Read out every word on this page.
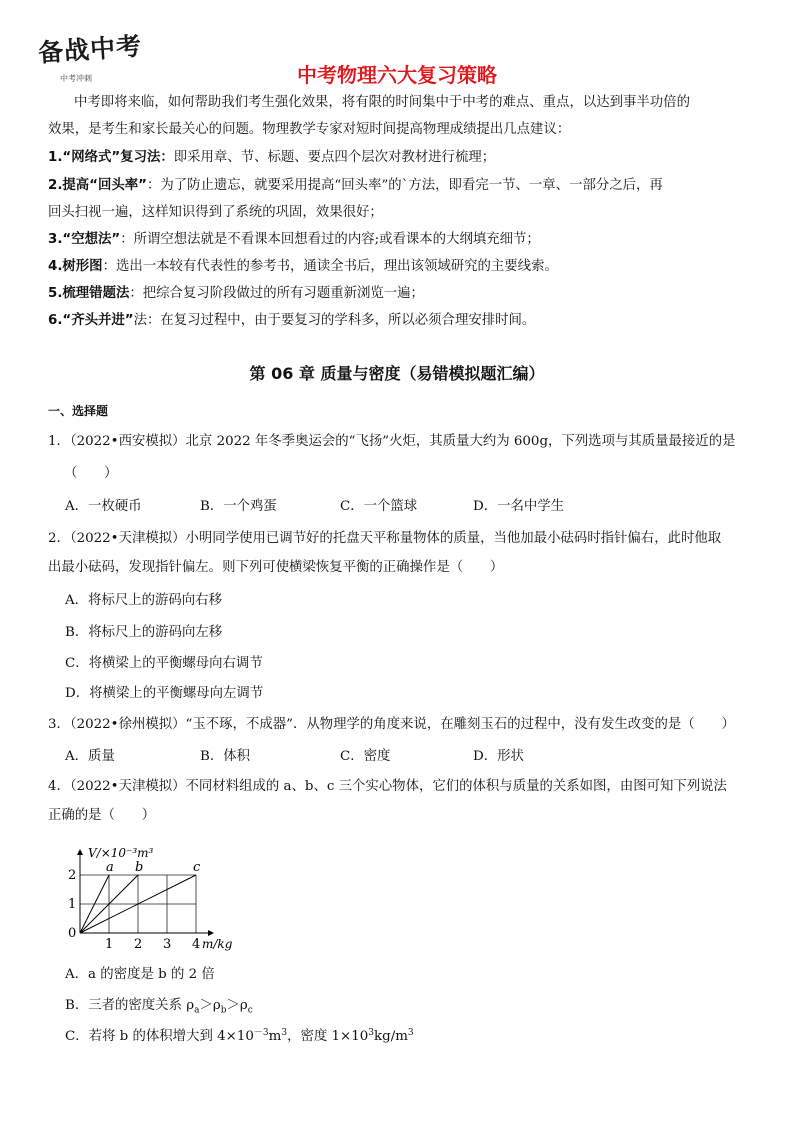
备战中考
中考冲刺	中考物理六大复习策略
中考即将来临，如何帮助我们考生强化效果，将有限的时间集中于中考的难点、重点，以达到事半功倍的
效果，是考生和家长最关心的问题。物理教学专家对短时间提高物理成绩提出几点建议：
1.“网络式”复习法：即采用章、节、标题、要点四个层次对教材进行梳理；
2.提高“回头率”：为了防止遗忘，就要采用提高“回头率”的`方法，即看完一节、一章、一部分之后，再
回头扫视一遍，这样知识得到了系统的巩固，效果很好；
3.“空想法”：所谓空想法就是不看课本回想看过的内容;或看课本的大纲填充细节；
4.树形图：选出一本较有代表性的参考书，通读全书后，理出该领域研究的主要线索。
5.梳理错题法：把综合复习阶段做过的所有习题重新浏览一遍；
6.“齐头并进”法：在复习过程中，由于要复习的学科多，所以必须合理安排时间。
第 06 章 质量与密度（易错模拟题汇编）
一、选择题
1．（2022•西安模拟）北京 2022 年冬季奥运会的“飞扬”火炬，其质量大约为 600g，下列选项与其质量最接近的是
（　　）
A．一枚硬币	B．一个鸡蛋	C．一个篮球	D．一名中学生
2．（2022•天津模拟）小明同学使用已调节好的托盘天平称量物体的质量，当他加最小砝码时指针偏右，此时他取
出最小砝码，发现指针偏左。则下列可使横梁恢复平衡的正确操作是（　　）
A．将标尺上的游码向右移
B．将标尺上的游码向左移
C．将横梁上的平衡螺母向右调节
D．将横梁上的平衡螺母向左调节
3．（2022•徐州模拟）“玉不琢，不成器”．从物理学的角度来说，在雕刻玉石的过程中，没有发生改变的是（　　）
A．质量	B．体积	C．密度	D．形状
4．（2022•天津模拟）不同材料组成的 a、b、c 三个实心物体，它们的体积与质量的关系如图，由图可知下列说法
正确的是（　　）
a b	c
0
1 2 3 4
1
2
V/×10⁻³m³
m/kg
A．a 的密度是 b 的 2 倍
B．三者的密度关系 $\rho_a>\rho_b>\rho_c$
C．若将 b 的体积增大到 $4\times 10^{-3}m^3$，密度 $1\times 10^3kg/m^3$
